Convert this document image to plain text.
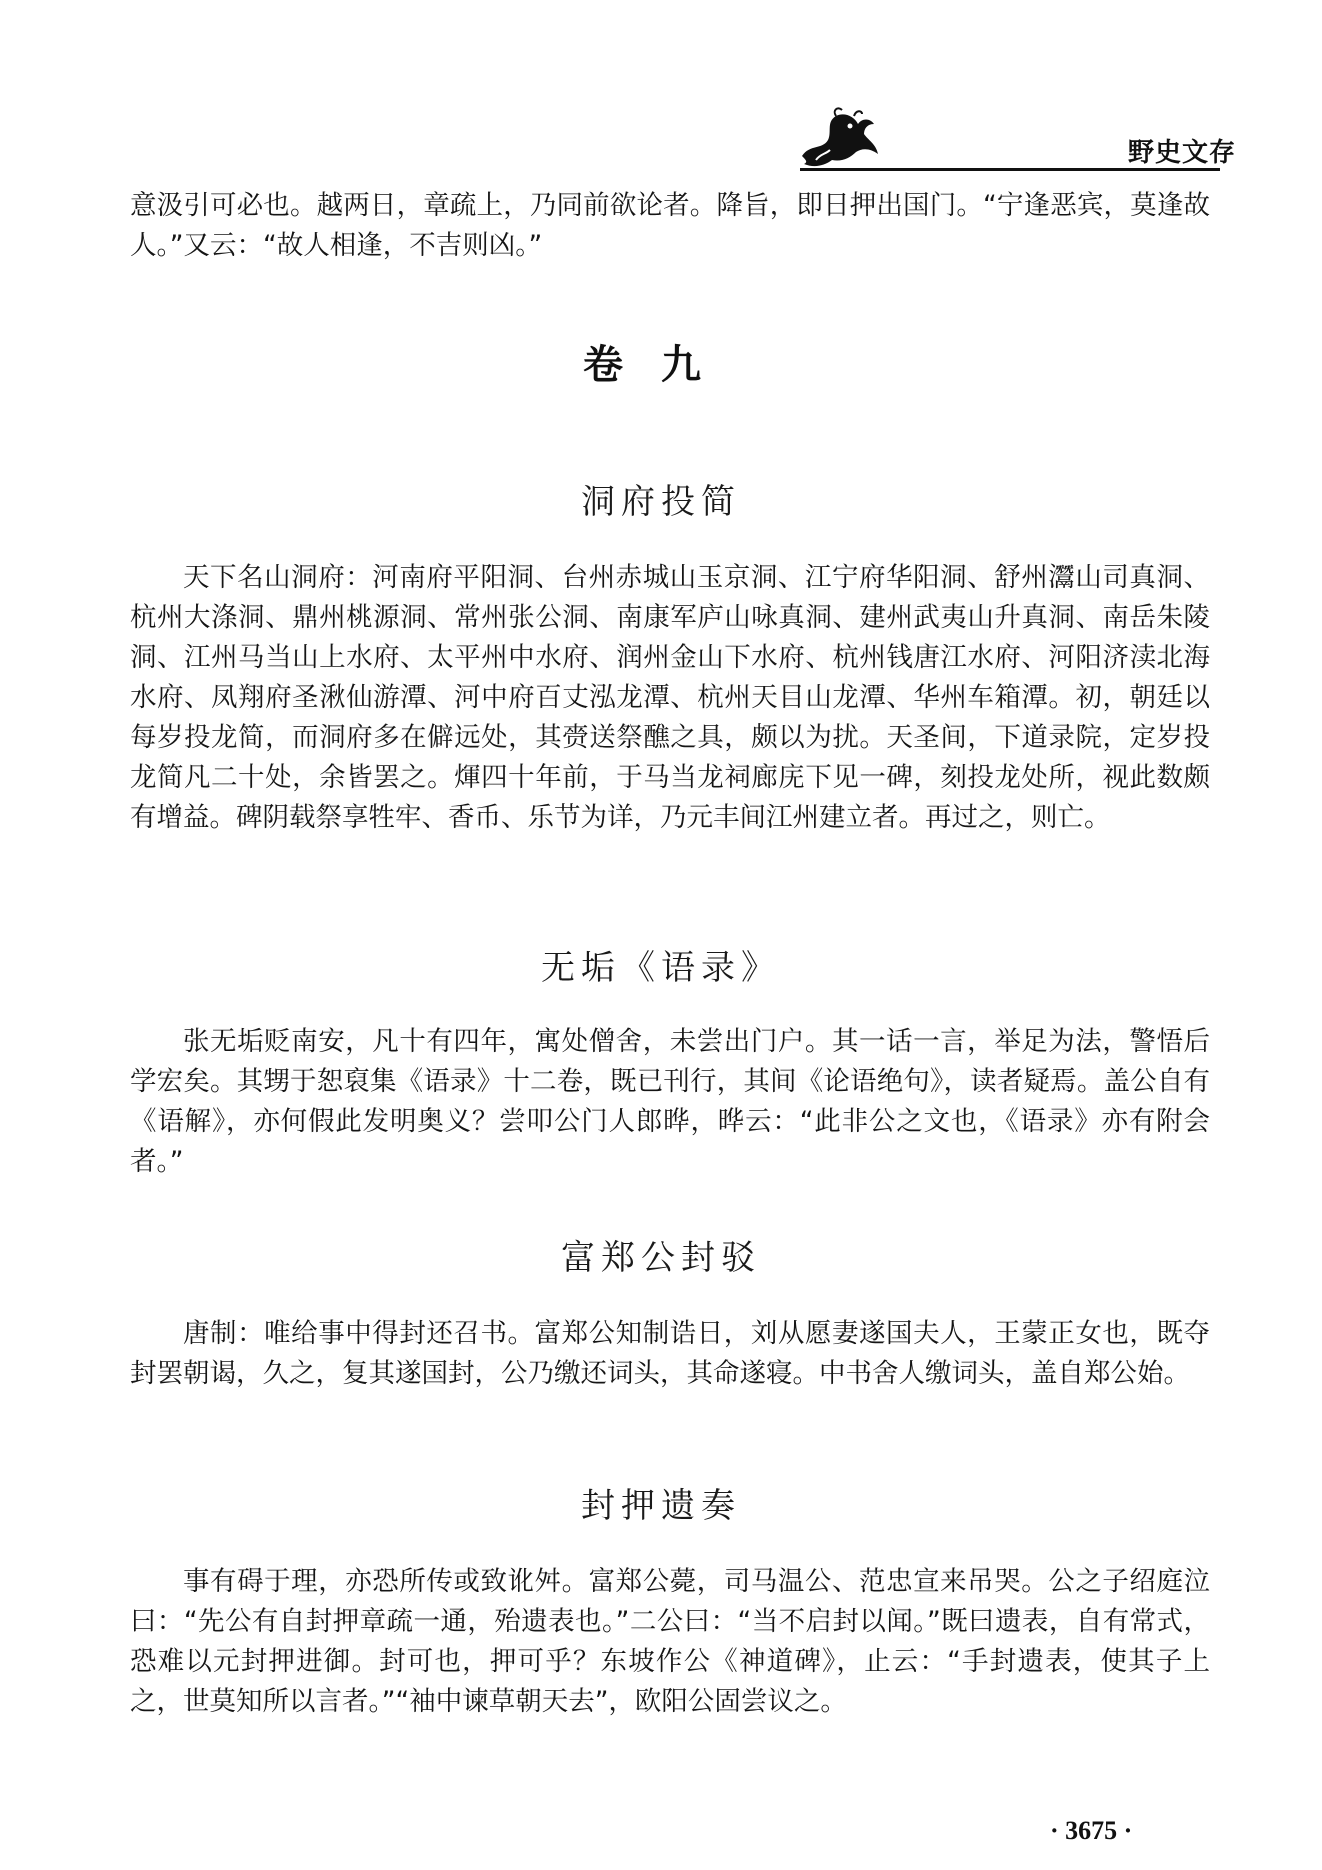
野史文存

意汲引可必也。越两日，章疏上，乃同前欲论者。降旨，即日押出国门。“宁逢恶宾，莫逢故人。”又云：“故人相逢，不吉则凶。”

卷九
洞府投简

天下名山洞府：河南府平阳洞、台州赤城山玉京洞、江宁府华阳洞、舒州灊山司真洞、杭州大涤洞、鼎州桃源洞、常州张公洞、南康军庐山咏真洞、建州武夷山升真洞、南岳朱陵洞、江州马当山上水府、太平州中水府、润州金山下水府、杭州钱唐江水府、河阳济渎北海水府、凤翔府圣湫仙游潭、河中府百丈泓龙潭、杭州天目山龙潭、华州车箱潭。初，朝廷以每岁投龙简，而洞府多在僻远处，其赍送祭醮之具，颇以为扰。天圣间，下道录院，定岁投龙简凡二十处，余皆罢之。煇四十年前，于马当龙祠廊庑下见一碑，刻投龙处所，视此数颇有增益。碑阴载祭享牲牢、香币、乐节为详，乃元丰间江州建立者。再过之，则亡。

无垢《语录》

张无垢贬南安，凡十有四年，寓处僧舍，未尝出门户。其一话一言，举足为法，警悟后学宏矣。其甥于恕裒集《语录》十二卷，既已刊行，其间《论语绝句》，读者疑焉。盖公自有《语解》，亦何假此发明奥义？尝叩公门人郎晔，晔云：“此非公之文也，《语录》亦有附会者。”

富郑公封驳

唐制：唯给事中得封还召书。富郑公知制诰日，刘从愿妻遂国夫人，王蒙正女也，既夺封罢朝谒，久之，复其遂国封，公乃缴还词头，其命遂寝。中书舍人缴词头，盖自郑公始。

封押遗奏

事有碍于理，亦恐所传或致讹舛。富郑公薨，司马温公、范忠宣来吊哭。公之子绍庭泣曰：“先公有自封押章疏一通，殆遗表也。”二公曰：“当不启封以闻。”既曰遗表，自有常式，恐难以元封押进御。封可也，押可乎？东坡作公《神道碑》，止云：“手封遗表，使其子上之，世莫知所以言者。”“袖中谏草朝天去”，欧阳公固尝议之。

· 3675 ·
